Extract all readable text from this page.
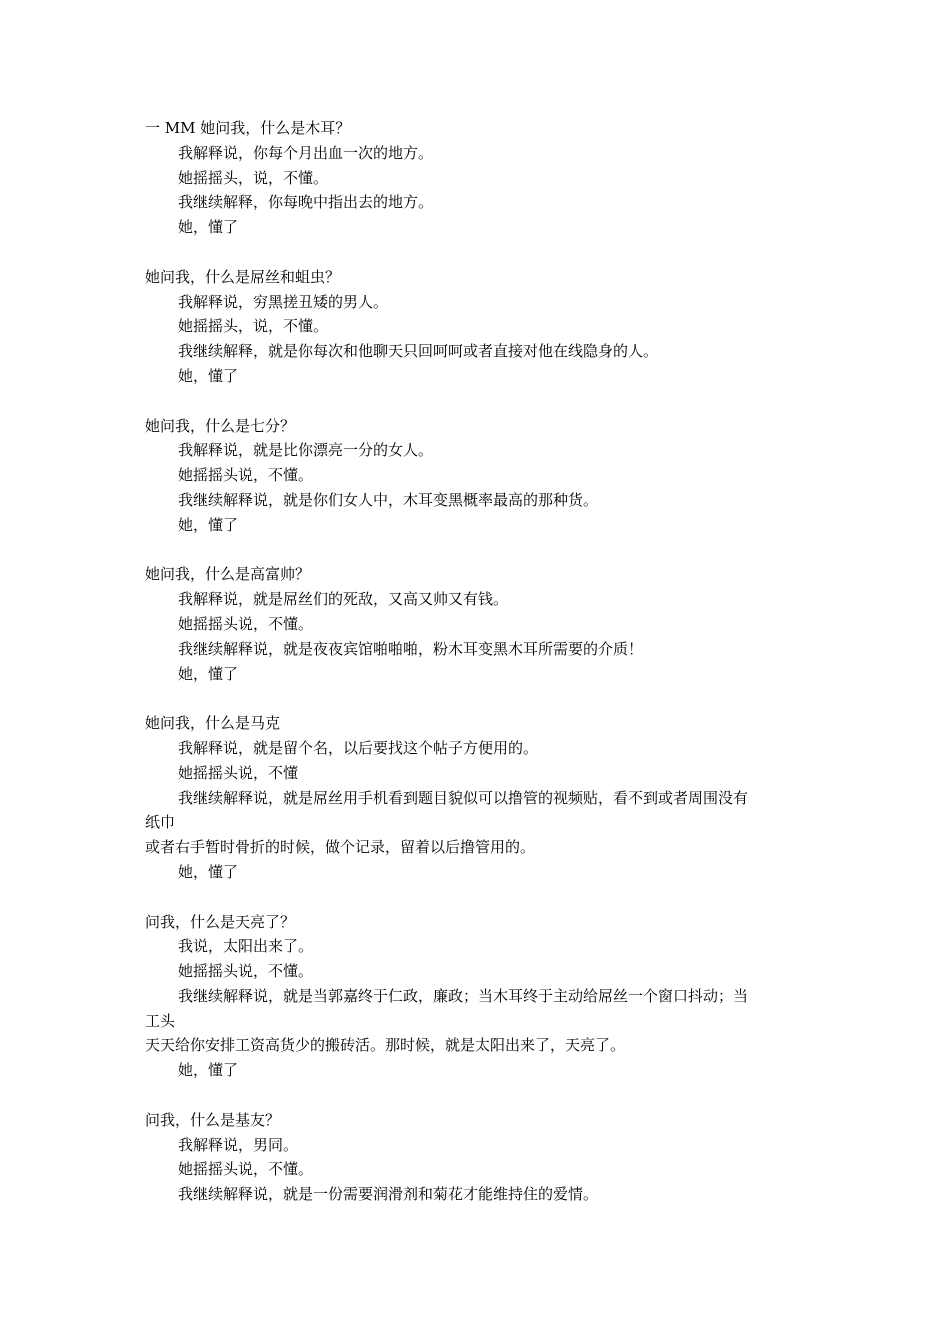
一 MM 她问我，什么是木耳？
我解释说，你每个月出血一次的地方。
她摇摇头，说，不懂。
我继续解释，你每晚中指出去的地方。
她，懂了
她问我，什么是屌丝和蛆虫？
我解释说，穷黑搓丑矮的男人。
她摇摇头，说，不懂。
我继续解释，就是你每次和他聊天只回呵呵或者直接对他在线隐身的人。
她，懂了
她问我，什么是七分？
我解释说，就是比你漂亮一分的女人。
她摇摇头说，不懂。
我继续解释说，就是你们女人中，木耳变黑概率最高的那种货。
她，懂了
她问我，什么是高富帅？
我解释说，就是屌丝们的死敌，又高又帅又有钱。
她摇摇头说，不懂。
我继续解释说，就是夜夜宾馆啪啪啪，粉木耳变黑木耳所需要的介质！
她，懂了
她问我，什么是马克
我解释说，就是留个名，以后要找这个帖子方便用的。
她摇摇头说，不懂
我继续解释说，就是屌丝用手机看到题目貌似可以撸管的视频贴，看不到或者周围没有
纸巾
或者右手暂时骨折的时候，做个记录，留着以后撸管用的。
她，懂了
问我，什么是天亮了？
我说，太阳出来了。
她摇摇头说，不懂。
我继续解释说，就是当郭嘉终于仁政，廉政；当木耳终于主动给屌丝一个窗口抖动；当
工头
天天给你安排工资高货少的搬砖活。那时候，就是太阳出来了，天亮了。
她，懂了
问我，什么是基友？
我解释说，男同。
她摇摇头说，不懂。
我继续解释说，就是一份需要润滑剂和菊花才能维持住的爱情。
